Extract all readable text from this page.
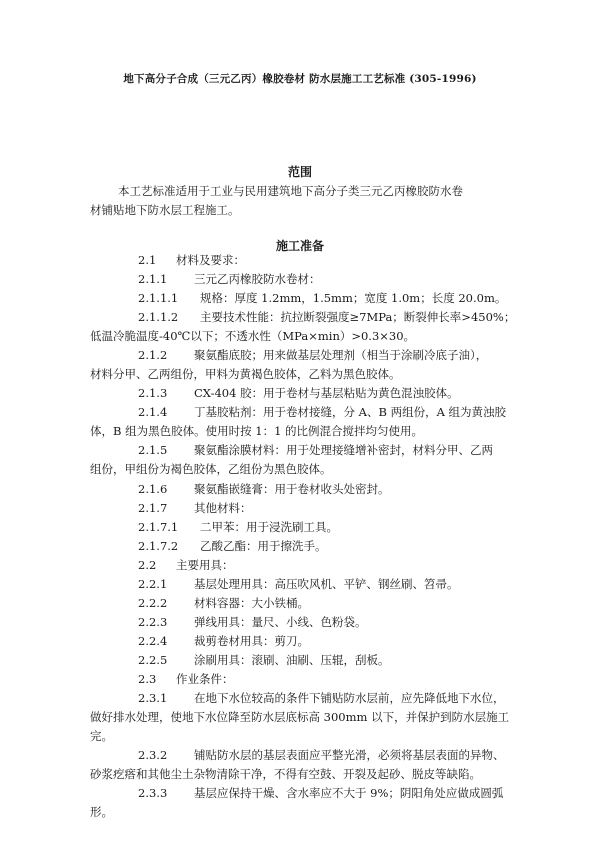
地下高分子合成（三元乙丙）橡胶卷材 防水层施工工艺标准 (305-1996)
范围
本工艺标准适用于工业与民用建筑地下高分子类三元乙丙橡胶防水卷
材铺贴地下防水层工程施工。
施工准备
2.1 材料及要求：
2.1.1 三元乙丙橡胶防水卷材：
2.1.1.1 规格：厚度 1.2mm，1.5mm；宽度 1.0m；长度 20.0m。
2.1.1.2 主要技术性能：抗拉断裂强度≥7MPa；断裂伸长率>450%；
低温冷脆温度-40℃以下；不透水性（MPa×min）>0.3×30。
2.1.2 聚氨酯底胶；用来做基层处理剂（相当于涂刷冷底子油），
材料分甲、乙两组份，甲料为黄褐色胶体，乙料为黑色胶体。
2.1.3 CX-404 胶：用于卷材与基层粘贴为黄色混浊胶体。
2.1.4 丁基胶粘剂：用于卷材接缝，分 A、B 两组份，A 组为黄浊胶
体，B 组为黑色胶体。使用时按 1：1 的比例混合搅拌均匀使用。
2.1.5 聚氨酯涂膜材料：用于处理接缝增补密封，材料分甲、乙两
组份，甲组份为褐色胶体，乙组份为黑色胶体。
2.1.6 聚氨酯嵌缝膏：用于卷材收头处密封。
2.1.7 其他材料：
2.1.7.1 二甲苯：用于浸洗刷工具。
2.1.7.2 乙酸乙酯：用于擦洗手。
2.2 主要用具：
2.2.1 基层处理用具：高压吹风机、平铲、钢丝刷、笤帚。
2.2.2 材料容器：大小铁桶。
2.2.3 弹线用具：量尺、小线、色粉袋。
2.2.4 裁剪卷材用具：剪刀。
2.2.5 涂刷用具：滚刷、油刷、压辊，刮板。
2.3 作业条件：
2.3.1 在地下水位较高的条件下铺贴防水层前，应先降低地下水位，
做好排水处理，使地下水位降至防水层底标高 300mm 以下，并保护到防水层施工
完。
2.3.2 铺贴防水层的基层表面应平整光滑，必须将基层表面的异物、
砂浆疙瘩和其他尘土杂物清除干净，不得有空鼓、开裂及起砂、脱皮等缺陷。
2.3.3 基层应保持干燥、含水率应不大于 9%；阴阳角处应做成圆弧
形。
